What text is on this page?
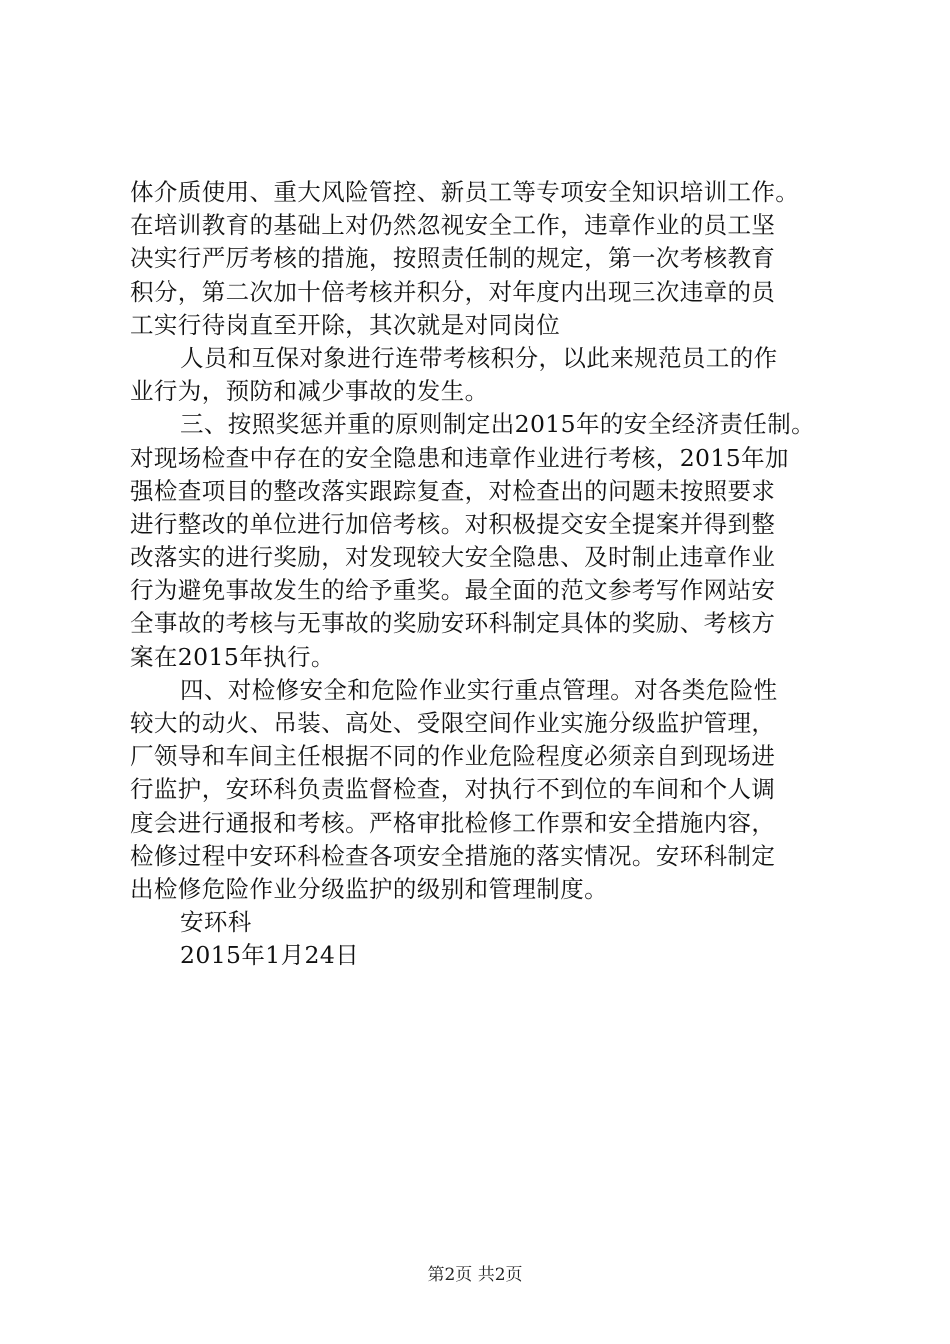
体介质使用、重大风险管控、新员工等专项安全知识培训工作。
在培训教育的基础上对仍然忽视安全工作，违章作业的员工坚
决实行严厉考核的措施，按照责任制的规定，第一次考核教育
积分，第二次加十倍考核并积分，对年度内出现三次违章的员
工实行待岗直至开除，其次就是对同岗位
人员和互保对象进行连带考核积分，以此来规范员工的作
业行为，预防和减少事故的发生。
三、按照奖惩并重的原则制定出2015年的安全经济责任制。
对现场检查中存在的安全隐患和违章作业进行考核，2015年加
强检查项目的整改落实跟踪复查，对检查出的问题未按照要求
进行整改的单位进行加倍考核。对积极提交安全提案并得到整
改落实的进行奖励，对发现较大安全隐患、及时制止违章作业
行为避免事故发生的给予重奖。最全面的范文参考写作网站安
全事故的考核与无事故的奖励安环科制定具体的奖励、考核方
案在2015年执行。
四、对检修安全和危险作业实行重点管理。对各类危险性
较大的动火、吊装、高处、受限空间作业实施分级监护管理，
厂领导和车间主任根据不同的作业危险程度必须亲自到现场进
行监护，安环科负责监督检查，对执行不到位的车间和个人调
度会进行通报和考核。严格审批检修工作票和安全措施内容，
检修过程中安环科检查各项安全措施的落实情况。安环科制定
出检修危险作业分级监护的级别和管理制度。
安环科
2015年1月24日
第2页 共2页
